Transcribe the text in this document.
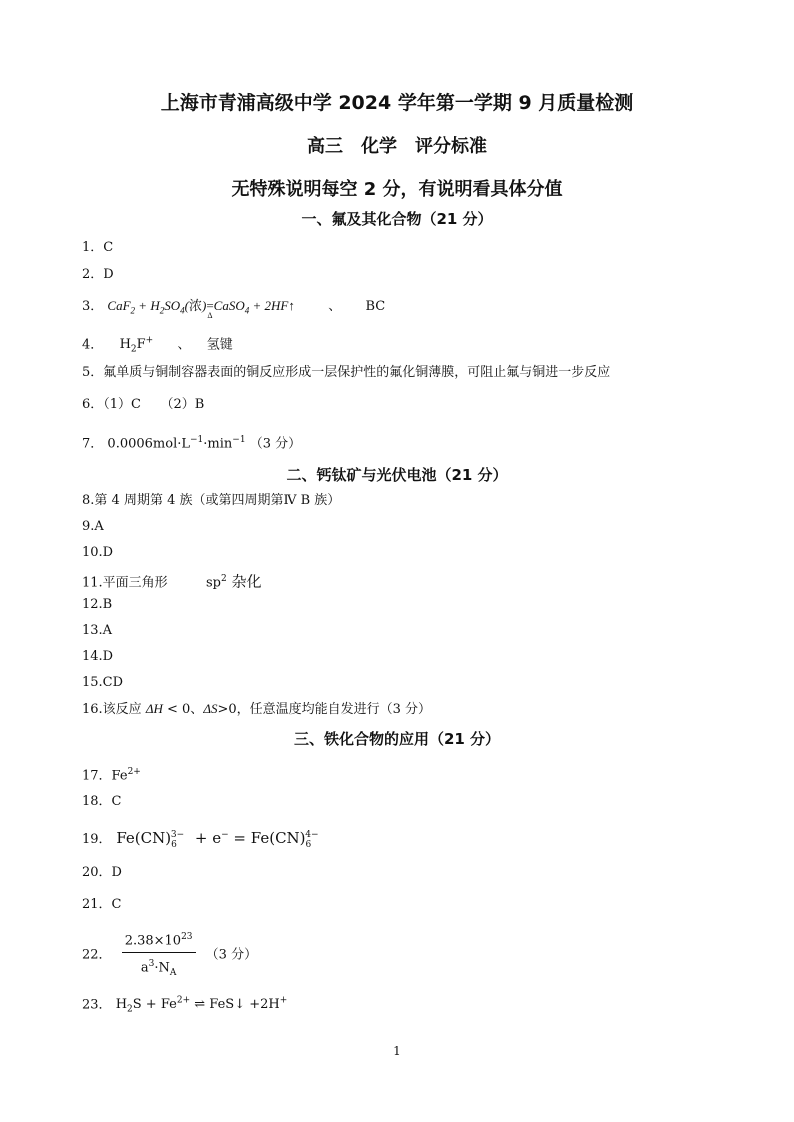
上海市青浦高级中学 2024 学年第一学期 9 月质量检测
高三　化学　评分标准
无特殊说明每空 2 分，有说明看具体分值
一、氟及其化合物（21 分）
1．C
2．D
3． $CaF_2 + H_2SO_4$(浓)=
Δ
CaSO$_4$ + 2HF↑  、 BC
4． $H_2F^+$ 、 氢键
5．氟单质与铜制容器表面的铜反应形成一层保护性的氟化铜薄膜，可阻止氟与铜进一步反应
6．（1）C　　（2）B
7． $0.0006mol\cdot L^{-1}\cdot\min^{-1}$ （3 分）
二、钙钛矿与光伏电池（21 分）
8.第 4 周期第 4 族（或第四周期第Ⅳ B 族）
9.A
10.D
11.平面三角形	$sp^2$ 杂化
12.B
13.A
14.D
15.CD
16.该反应 ΔH < 0、ΔS>0，任意温度均能自发进行（3 分）
三、铁化合物的应用（21 分）
17．$Fe^{2+}$
18．C
19． $Fe(CN)_6^{3-} + e^- = Fe(CN)_6^{4-}$
20．D
21．C
22． $\frac{2.38\times 10^{23}}{a^3\cdot N_A} (3$ 分）
23． $H_2S + Fe^{2+}$ ⇌ FeS↓ +2H+
1
